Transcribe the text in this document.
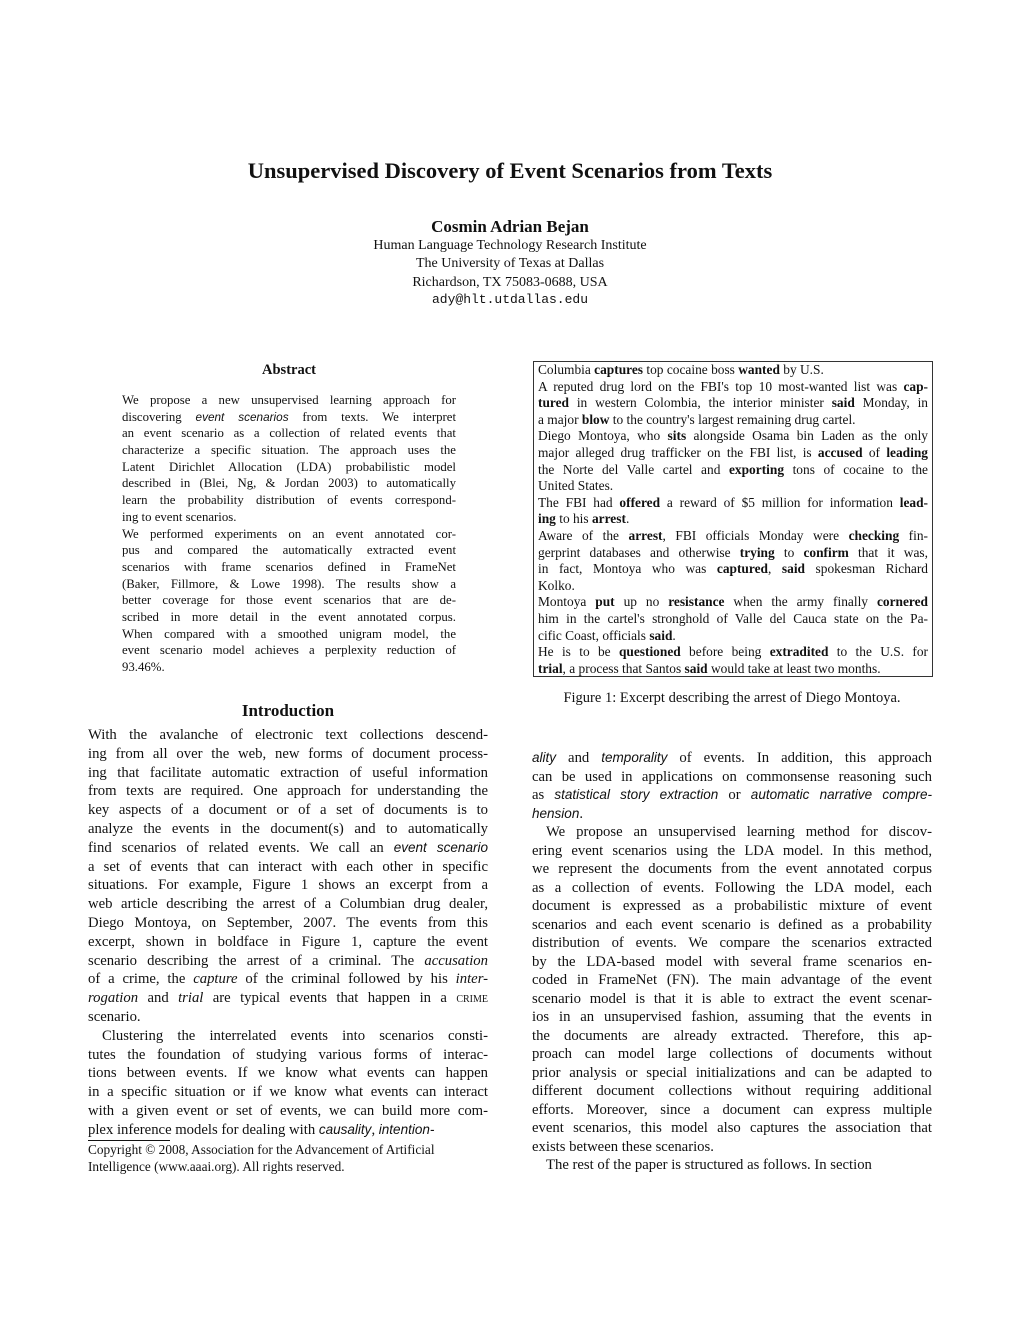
Unsupervised Discovery of Event Scenarios from Texts
Cosmin Adrian Bejan
Human Language Technology Research Institute
The University of Texas at Dallas
Richardson, TX 75083-0688, USA
ady@hlt.utdallas.edu
Abstract
We propose a new unsupervised learning approach for
discovering event scenarios from texts. We interpret
an event scenario as a collection of related events that
characterize a specific situation. The approach uses the
Latent Dirichlet Allocation (LDA) probabilistic model
described in (Blei, Ng, & Jordan 2003) to automatically
learn the probability distribution of events correspond-
ing to event scenarios.
We performed experiments on an event annotated cor-
pus and compared the automatically extracted event
scenarios with frame scenarios defined in FrameNet
(Baker, Fillmore, & Lowe 1998). The results show a
better coverage for those event scenarios that are de-
scribed in more detail in the event annotated corpus.
When compared with a smoothed unigram model, the
event scenario model achieves a perplexity reduction of
93.46%.
Introduction
With the avalanche of electronic text collections descend-
ing from all over the web, new forms of document process-
ing that facilitate automatic extraction of useful information
from texts are required. One approach for understanding the
key aspects of a document or of a set of documents is to
analyze the events in the document(s) and to automatically
find scenarios of related events. We call an event scenario
a set of events that can interact with each other in specific
situations. For example, Figure 1 shows an excerpt from a
web article describing the arrest of a Columbian drug dealer,
Diego Montoya, on September, 2007. The events from this
excerpt, shown in boldface in Figure 1, capture the event
scenario describing the arrest of a criminal. The accusation
of a crime, the capture of the criminal followed by his inter-
rogation and trial are typical events that happen in a crime
scenario.
Clustering the interrelated events into scenarios consti-
tutes the foundation of studying various forms of interac-
tions between events. If we know what events can happen
in a specific situation or if we know what events can interact
with a given event or set of events, we can build more com-
plex inference models for dealing with causality, intention-
Copyright © 2008, Association for the Advancement of Artificial
Intelligence (www.aaai.org). All rights reserved.
Columbia captures top cocaine boss wanted by U.S.
A reputed drug lord on the FBI's top 10 most-wanted list was cap-
tured in western Colombia, the interior minister said Monday, in
a major blow to the country's largest remaining drug cartel.
Diego Montoya, who sits alongside Osama bin Laden as the only
major alleged drug trafficker on the FBI list, is accused of leading
the Norte del Valle cartel and exporting tons of cocaine to the
United States.
The FBI had offered a reward of $5 million for information lead-
ing to his arrest.
Aware of the arrest, FBI officials Monday were checking fin-
gerprint databases and otherwise trying to confirm that it was,
in fact, Montoya who was captured, said spokesman Richard
Kolko.
Montoya put up no resistance when the army finally cornered
him in the cartel's stronghold of Valle del Cauca state on the Pa-
cific Coast, officials said.
He is to be questioned before being extradited to the U.S. for
trial, a process that Santos said would take at least two months.
Figure 1: Excerpt describing the arrest of Diego Montoya.
ality and temporality of events. In addition, this approach
can be used in applications on commonsense reasoning such
as statistical story extraction or automatic narrative compre-
hension.
We propose an unsupervised learning method for discov-
ering event scenarios using the LDA model. In this method,
we represent the documents from the event annotated corpus
as a collection of events. Following the LDA model, each
document is expressed as a probabilistic mixture of event
scenarios and each event scenario is defined as a probability
distribution of events. We compare the scenarios extracted
by the LDA-based model with several frame scenarios en-
coded in FrameNet (FN). The main advantage of the event
scenario model is that it is able to extract the event scenar-
ios in an unsupervised fashion, assuming that the events in
the documents are already extracted. Therefore, this ap-
proach can model large collections of documents without
prior analysis or special initializations and can be adapted to
different document collections without requiring additional
efforts. Moreover, since a document can express multiple
event scenarios, this model also captures the association that
exists between these scenarios.
The rest of the paper is structured as follows. In section
